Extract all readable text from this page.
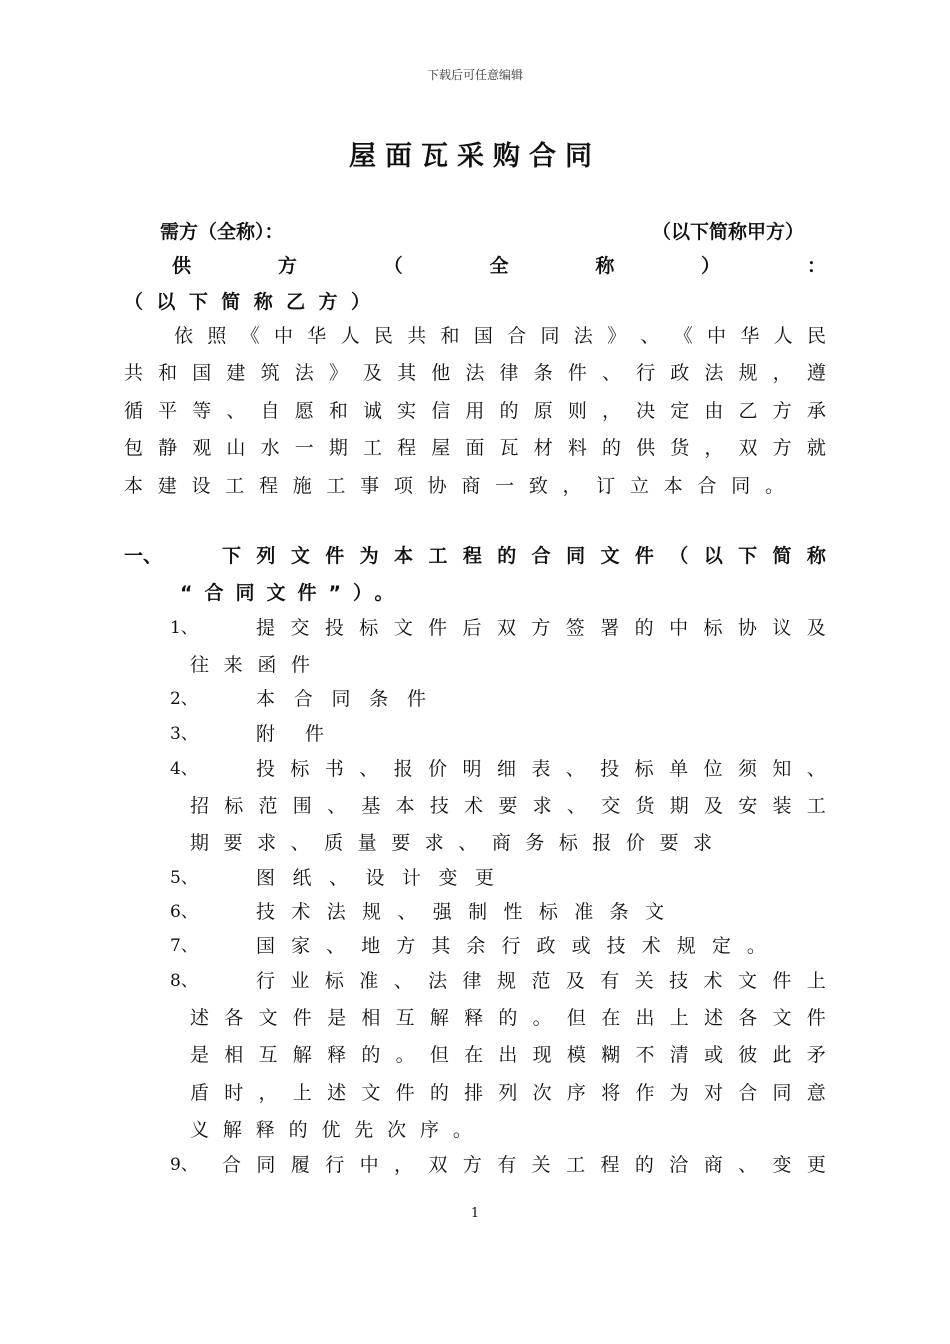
下载后可任意编辑
屋面瓦采购合同
需方（全称）：	（以下简称甲方）
供	方	（	全	称	）	：
（ 以 下 简 称 乙 方 ）
依 照 《 中 华 人 民 共 和 国 合 同 法 》 、 《 中 华 人 民
共 和 国 建 筑 法 》 及 其 他 法 律 条 件 、 行 政 法 规 ， 遵
循 平 等 、 自 愿 和 诚 实 信 用 的 原 则 ， 决 定 由 乙 方 承
包 静 观 山 水 一 期 工 程 屋 面 瓦 材 料 的 供 货 ， 双 方 就
本 建 设 工 程 施 工 事 项 协 商 一 致 ， 订 立 本 合 同 。
一、	下 列 文 件 为 本 工 程 的 合 同 文 件 （ 以 下 简 称
“合同文件”）。
1、	提 交 投 标 文 件 后 双 方 签 署 的 中 标 协 议 及
往 来 函 件
2、	本 合 同 条 件
3、	附 件
4、	投 标 书 、 报 价 明 细 表 、 投 标 单 位 须 知 、
招 标 范 围 、 基 本 技 术 要 求 、 交 货 期 及 安 装 工
期 要 求 、 质 量 要 求 、 商 务 标 报 价 要 求
5、	图 纸 、 设 计 变 更
6、	技 术 法 规 、 强 制 性 标 准 条 文
7、	国 家 、 地 方 其 余 行 政 或 技 术 规 定 。
8、	行 业 标 准 、 法 律 规 范 及 有 关 技 术 文 件 上
述 各 文 件 是 相 互 解 释 的 。 但 在 出 上 述 各 文 件
是 相 互 解 释 的 。 但 在 出 现 模 糊 不 清 或 彼 此 矛
盾 时 ， 上 述 文 件 的 排 列 次 序 将 作 为 对 合 同 意
义 解 释 的 优 先 次 序 。
9、 合 同 履 行 中 ， 双 方 有 关 工 程 的 洽 商 、 变 更
1
